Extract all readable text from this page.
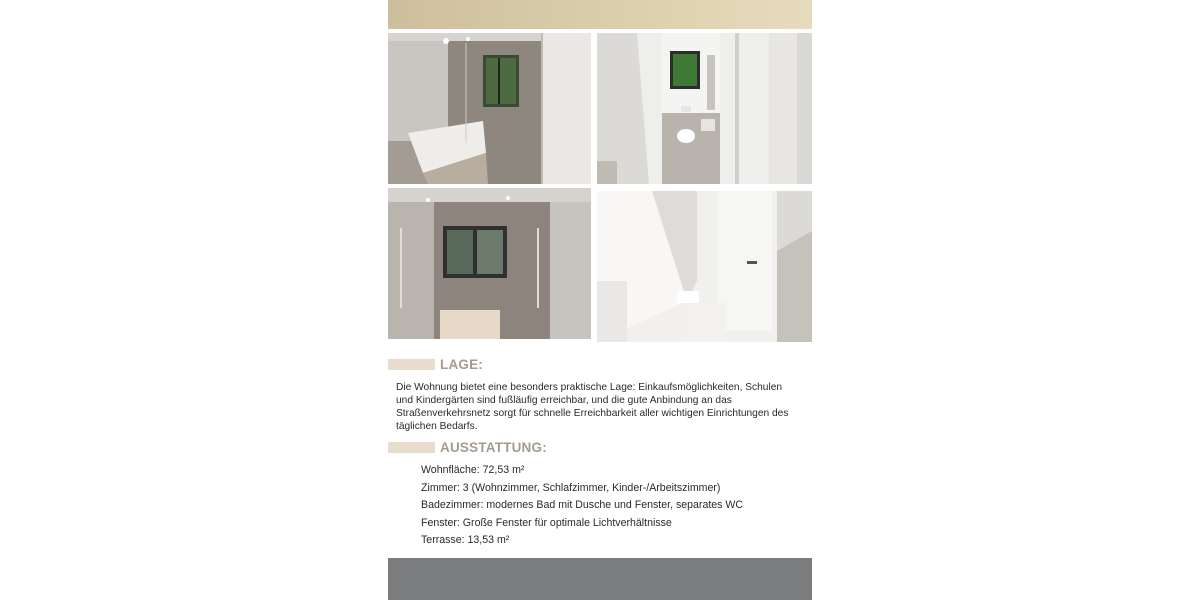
LAGE:
Die Wohnung bietet eine besonders praktische Lage: Einkaufsmöglichkeiten, Schulen und Kindergärten sind fußläufig erreichbar, und die gute Anbindung an das Straßenverkehrsnetz sorgt für schnelle Erreichbarkeit aller wichtigen Einrichtungen des täglichen Bedarfs.
AUSSTATTUNG:
Wohnfläche: 72,53 m²
Zimmer: 3 (Wohnzimmer, Schlafzimmer, Kinder-/Arbeitszimmer)
Badezimmer: modernes Bad mit Dusche und Fenster, separates WC
Fenster: Große Fenster für optimale Lichtverhältnisse
Terrasse: 13,53 m²
